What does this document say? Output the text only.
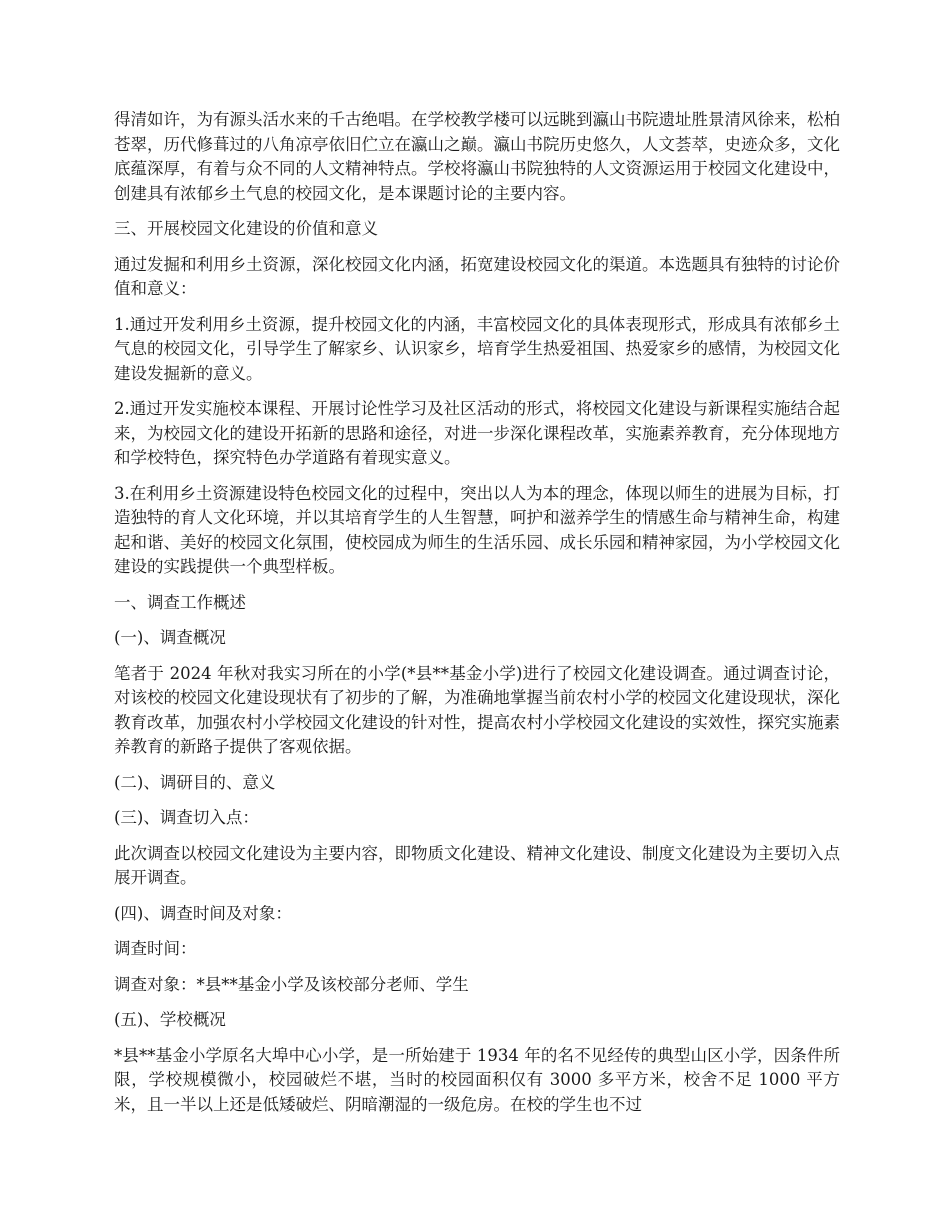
得清如许，为有源头活水来的千古绝唱。在学校教学楼可以远眺到瀛山书院遗址胜景清风徐来，松柏苍翠，历代修葺过的八角凉亭依旧伫立在瀛山之巅。瀛山书院历史悠久，人文荟萃，史迹众多，文化底蕴深厚，有着与众不同的人文精神特点。学校将瀛山书院独特的人文资源运用于校园文化建设中，创建具有浓郁乡土气息的校园文化，是本课题讨论的主要内容。

三、开展校园文化建设的价值和意义

通过发掘和利用乡土资源，深化校园文化内涵，拓宽建设校园文化的渠道。本选题具有独特的讨论价值和意义：

1.通过开发利用乡土资源，提升校园文化的内涵，丰富校园文化的具体表现形式，形成具有浓郁乡土气息的校园文化，引导学生了解家乡、认识家乡，培育学生热爱祖国、热爱家乡的感情，为校园文化建设发掘新的意义。

2.通过开发实施校本课程、开展讨论性学习及社区活动的形式，将校园文化建设与新课程实施结合起来，为校园文化的建设开拓新的思路和途径，对进一步深化课程改革，实施素养教育，充分体现地方和学校特色，探究特色办学道路有着现实意义。

3.在利用乡土资源建设特色校园文化的过程中，突出以人为本的理念，体现以师生的进展为目标，打造独特的育人文化环境，并以其培育学生的人生智慧，呵护和滋养学生的情感生命与精神生命，构建起和谐、美好的校园文化氛围，使校园成为师生的生活乐园、成长乐园和精神家园，为小学校园文化建设的实践提供一个典型样板。

一、调查工作概述

(一)、调查概况

笔者于 2024 年秋对我实习所在的小学(*县**基金小学)进行了校园文化建设调查。通过调查讨论，对该校的校园文化建设现状有了初步的了解，为准确地掌握当前农村小学的校园文化建设现状，深化教育改革，加强农村小学校园文化建设的针对性，提高农村小学校园文化建设的实效性，探究实施素养教育的新路子提供了客观依据。

(二)、调研目的、意义

(三)、调查切入点：

此次调查以校园文化建设为主要内容，即物质文化建设、精神文化建设、制度文化建设为主要切入点展开调查。

(四)、调查时间及对象：

调查时间：

调查对象：*县**基金小学及该校部分老师、学生

(五)、学校概况

*县**基金小学原名大埠中心小学，是一所始建于 1934 年的名不见经传的典型山区小学，因条件所限，学校规模微小，校园破烂不堪，当时的校园面积仅有 3000 多平方米，校舍不足 1000 平方米，且一半以上还是低矮破烂、阴暗潮湿的一级危房。在校的学生也不过
